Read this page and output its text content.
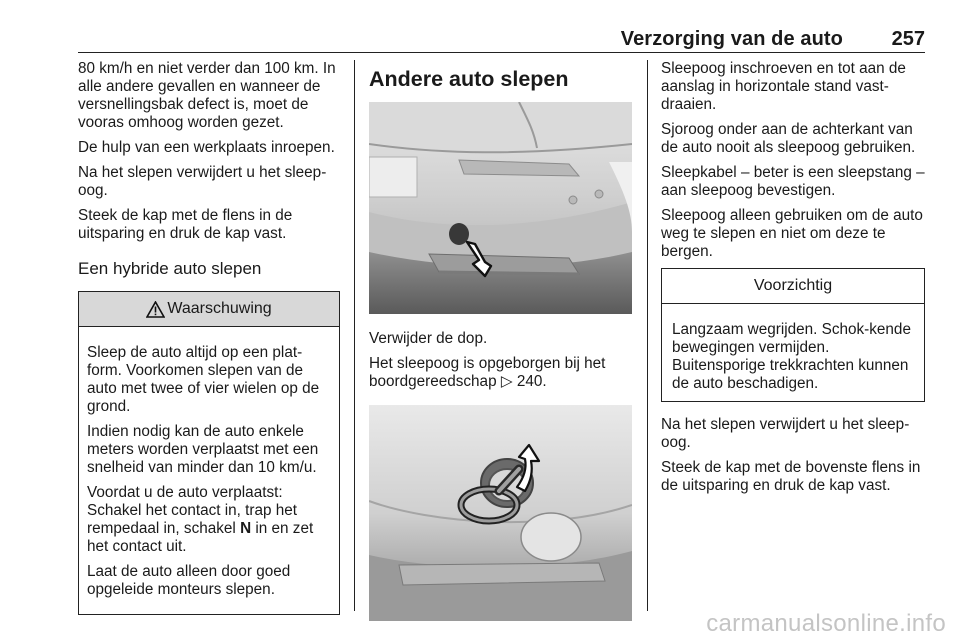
Verzorging van de auto 257

80 km/h en niet verder dan 100 km. In alle andere gevallen en wanneer de versnellingsbak defect is, moet de vooras omhoog worden gezet.

De hulp van een werkplaats inroepen.

Na het slepen verwijdert u het sleep‐oog.

Steek de kap met de flens in de uitsparing en druk de kap vast.

Een hybride auto slepen
Waarschuwing

Sleep de auto altijd op een plat‐form. Voorkomen slepen van de auto met twee of vier wielen op de grond.

Indien nodig kan de auto enkele meters worden verplaatst met een snelheid van minder dan 10 km/u.

Voordat u de auto verplaatst: Schakel het contact in, trap het rempedaal in, schakel N in en zet het contact uit.

Laat de auto alleen door goed opgeleide monteurs slepen.

Andere auto slepen

Verwijder de dop.

Het sleepoog is opgeborgen bij het boordgereedschap ▷ 240.

Sleepoog inschroeven en tot aan de aanslag in horizontale stand vast‐draaien.

Sjoroog onder aan de achterkant van de auto nooit als sleepoog gebruiken.

Sleepkabel – beter is een sleepstang – aan sleepoog bevestigen.

Sleepoog alleen gebruiken om de auto weg te slepen en niet om deze te bergen.

Voorzichtig
Langzaam wegrijden. Schok‐kende bewegingen vermijden. Buitensporige trekkrachten kunnen de auto beschadigen.

Na het slepen verwijdert u het sleep‐oog.

Steek de kap met de bovenste flens in de uitsparing en druk de kap vast.

carmanualsonline.info
